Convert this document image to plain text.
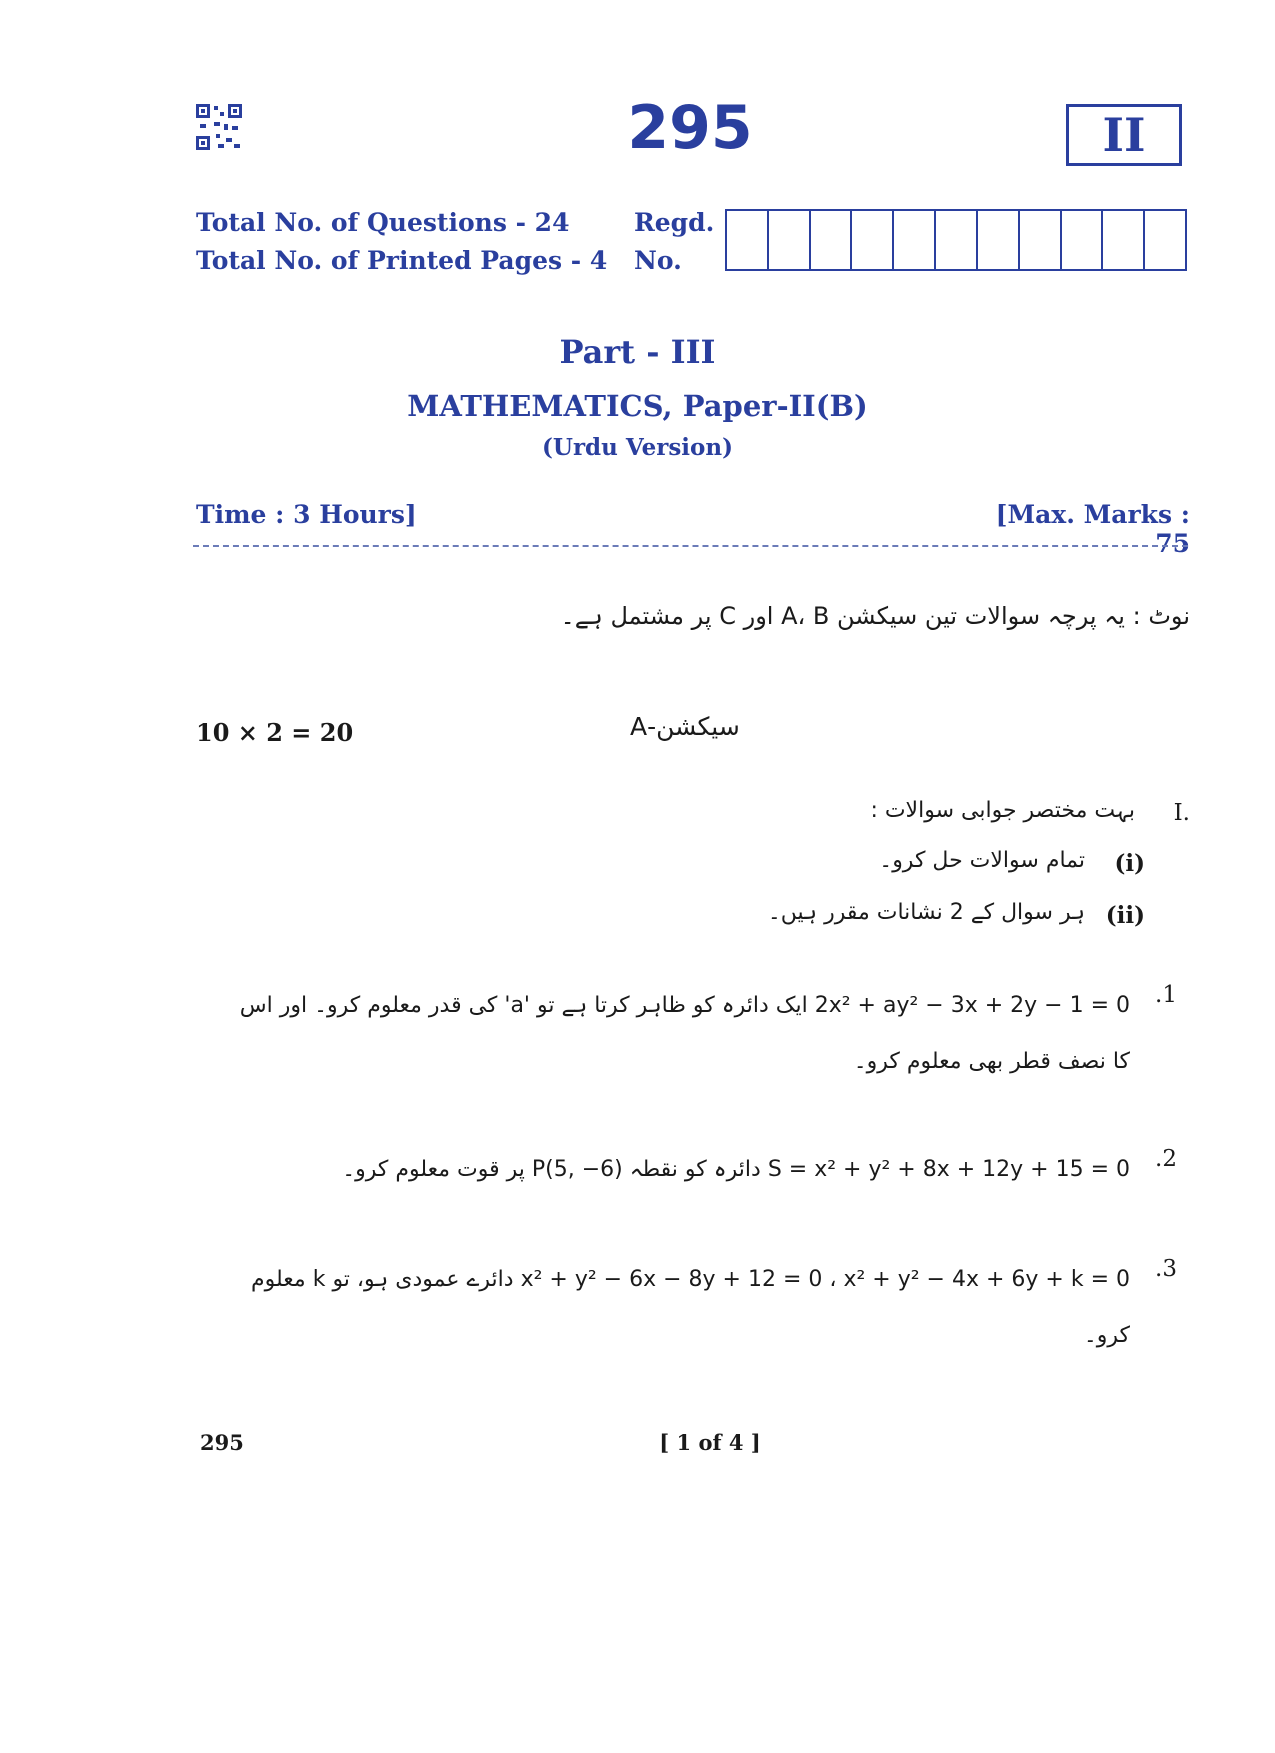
295	II
Total No. of Questions - 24
Total No. of Printed Pages - 4
Regd.
No.
Part - III
MATHEMATICS, Paper-II(B)
(Urdu Version)
Time : 3 Hours]	[Max. Marks : 75
نوٹ : یہ پرچہ سوالات تین سیکشن A، B اور C پر مشتمل ہے۔
10 × 2 = 20	سیکشن-A
I.
بہت مختصر جوابی سوالات :
(i)
تمام سوالات حل کرو۔
(ii)
ہر سوال کے 2 نشانات مقرر ہیں۔
.1
2x² + ay² − 3x + 2y − 1 = 0 ایک دائرہ کو ظاہر کرتا ہے تو 'a' کی قدر معلوم کرو۔ اور اس کا نصف قطر بھی معلوم کرو۔
.2
S = x² + y² + 8x + 12y + 15 = 0 دائرہ کو نقطہ P(5, −6) پر قوت معلوم کرو۔
.3
x² + y² − 6x − 8y + 12 = 0 ، x² + y² − 4x + 6y + k = 0 دائرے عمودی ہو، تو k معلوم کرو۔
295	[ 1 of 4 ]
